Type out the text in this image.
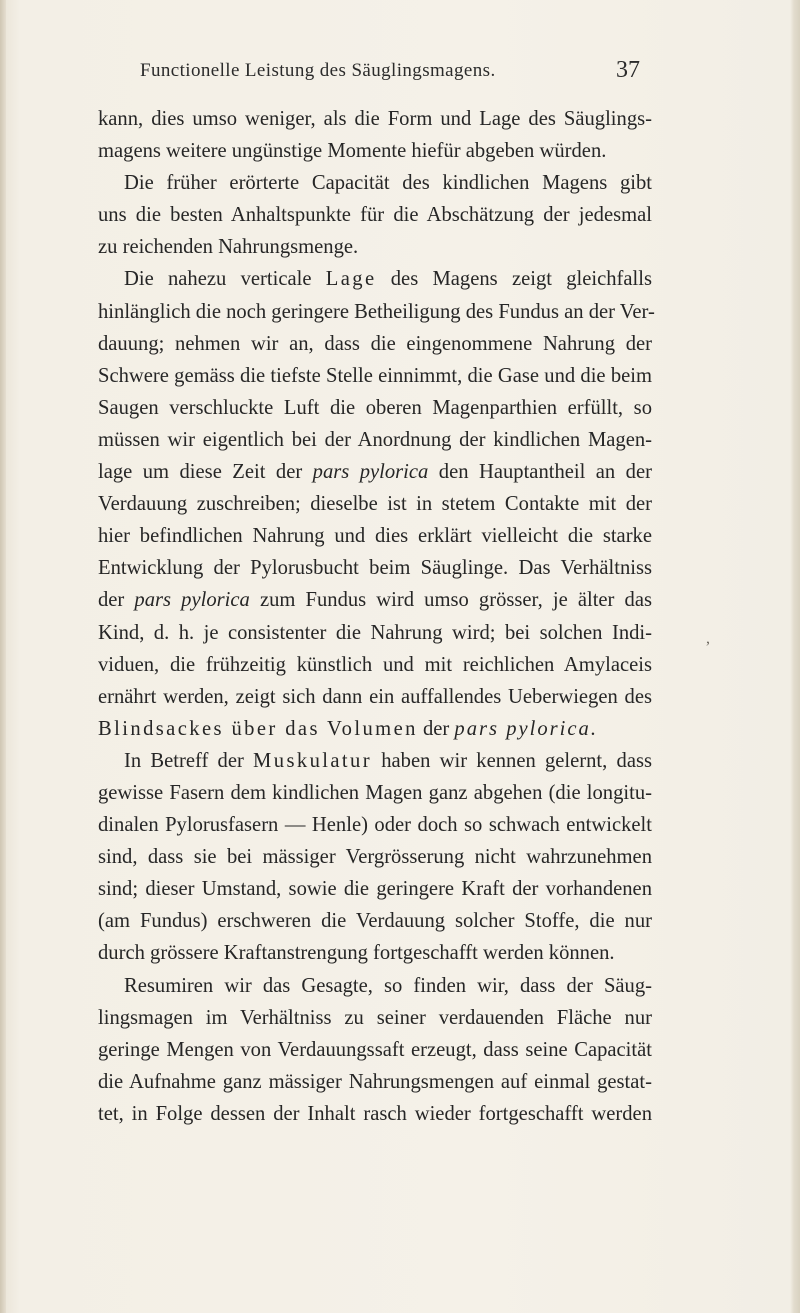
Functionelle Leistung des Säuglingsmagens.	37
kann, dies umso weniger, als die Form und Lage des Säuglings-
magens weitere ungünstige Momente hiefür abgeben würden.
Die früher erörterte Capacität des kindlichen Magens gibt
uns die besten Anhaltspunkte für die Abschätzung der jedesmal
zu reichenden Nahrungsmenge.
Die nahezu verticale Lage des Magens zeigt gleichfalls
hinlänglich die noch geringere Betheiligung des Fundus an der Ver-
dauung; nehmen wir an, dass die eingenommene Nahrung der
Schwere gemäss die tiefste Stelle einnimmt, die Gase und die beim
Saugen verschluckte Luft die oberen Magenparthien erfüllt, so
müssen wir eigentlich bei der Anordnung der kindlichen Magen-
lage um diese Zeit der pars pylorica den Hauptantheil an der
Verdauung zuschreiben; dieselbe ist in stetem Contakte mit der
hier befindlichen Nahrung und dies erklärt vielleicht die starke
Entwicklung der Pylorusbucht beim Säuglinge. Das Verhältniss
der pars pylorica zum Fundus wird umso grösser, je älter das
Kind, d. h. je consistenter die Nahrung wird; bei solchen Indi-
viduen, die frühzeitig künstlich und mit reichlichen Amylaceis
ernährt werden, zeigt sich dann ein auffallendes Ueberwiegen des
Blindsackes über das Volumen der pars pylorica.
In Betreff der Muskulatur haben wir kennen gelernt, dass
gewisse Fasern dem kindlichen Magen ganz abgehen (die longitu-
dinalen Pylorusfasern — Henle) oder doch so schwach entwickelt
sind, dass sie bei mässiger Vergrösserung nicht wahrzunehmen
sind; dieser Umstand, sowie die geringere Kraft der vorhandenen
(am Fundus) erschweren die Verdauung solcher Stoffe, die nur
durch grössere Kraftanstrengung fortgeschafft werden können.
Resumiren wir das Gesagte, so finden wir, dass der Säug-
lingsmagen im Verhältniss zu seiner verdauenden Fläche nur
geringe Mengen von Verdauungssaft erzeugt, dass seine Capacität
die Aufnahme ganz mässiger Nahrungsmengen auf einmal gestat-
tet, in Folge dessen der Inhalt rasch wieder fortgeschafft werden
,
